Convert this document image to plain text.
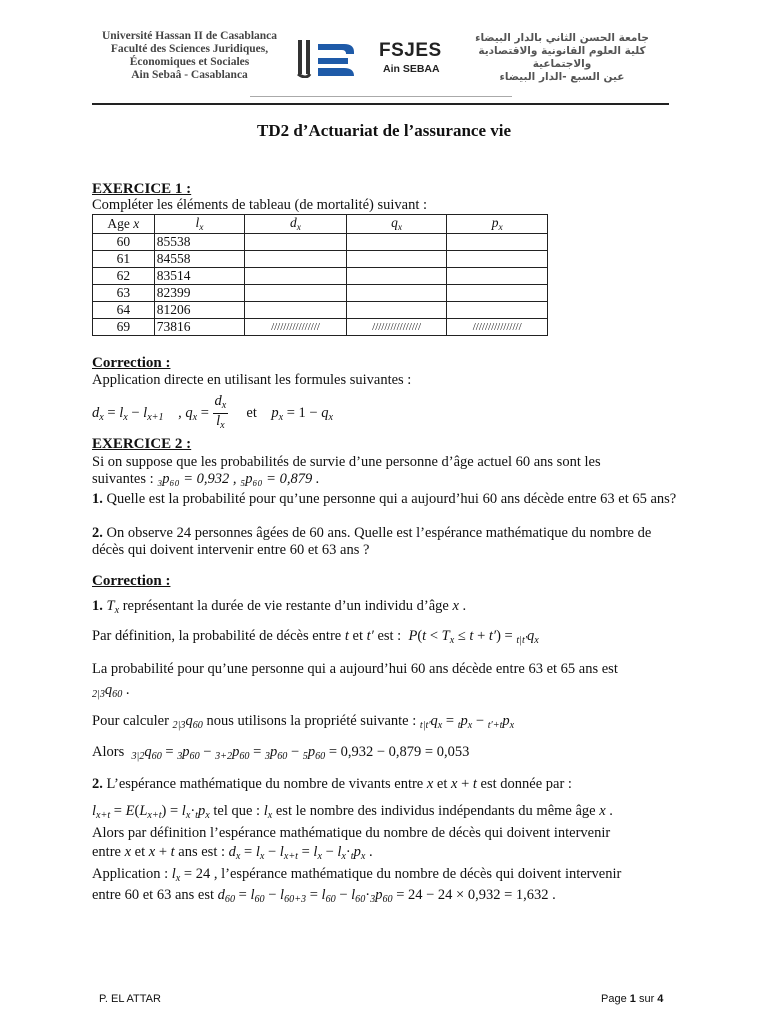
Université Hassan II de Casablanca
Faculté des Sciences Juridiques,
Économiques et Sociales
Ain Sebaâ - Casablanca
FSJES
Ain SEBAA
جامعة الحسن الثاني بالدار البيضاء
كلية العلوم القانونية والاقتصادية والاجتماعية
عين السبع -الدار البيضاء
TD2 d’Actuariat de l’assurance vie
EXERCICE 1 :
Compléter les éléments de tableau (de mortalité) suivant :
Age x	$l_x$	$d_x$	$q_x$	$p_x$
60	85538			
61	84558			
62	83514			
63	82399			
64	81206			
69	73816	////////////////	////////////////	////////////////
Correction :
Application directe en utilisant les formules suivantes :
$d_x = l_x - l_{x+1}$ , $q_x = \frac{d_x}{l_x}$ et $p_x = 1 - q_x$
EXERCICE 2 :
Si on suppose que les probabilités de survie d’une personne d’âge actuel 60 ans sont les
suivantes : ₃p₆₀ = 0,932 , ₅p₆₀ = 0,879 .
1. Quelle est la probabilité pour qu’une personne qui a aujourd’hui 60 ans décède entre 63 et 65 ans?
2. On observe 24 personnes âgées de 60 ans. Quelle est l’espérance mathématique du nombre de décès qui doivent intervenir entre 60 et 63 ans ?
Correction :
1. $T_x$ représentant la durée de vie restante d’un individu d’âge x .
Par définition, la probabilité de décès entre t et t′ est : $P(t < T_x \le t + t') = _{t|t'}q_x$
La probabilité pour qu’une personne qui a aujourd’hui 60 ans décède entre 63 et 65 ans est
$_{2|3}q_{60}$ .
Pour calculer $_{2|3}q_{60}$ nous utilisons la propriété suivante : $_{t|t'}q_x = _tp_x - _{t'+t}p_x$
Alors $_{3|2}q_{60} = _3p_{60} - _{3+2}p_{60} = _3p_{60} - _5p_{60} = 0,932 - 0,879 = 0,053$
2. L’espérance mathématique du nombre de vivants entre x et x + t est donnée par :
$l_{x+t} = E(L_{x+t}) = l_x\cdot_tp_x$ tel que : $l_x$ est le nombre des individus indépendants du même âge x .
Alors par définition l’espérance mathématique du nombre de décès qui doivent intervenir
entre x et x + t ans est : $d_x = l_x - l_{x+t} = l_x - l_x\cdot_tp_x$ .
Application : $l_x = 24$ , l’espérance mathématique du nombre de décès qui doivent intervenir
entre 60 et 63 ans est $d_{60} = l_{60} - l_{60+3} = l_{60} - l_{60}\cdot_3p_{60} = 24 - 24 \times 0,932 = 1,632$ .
P. EL ATTAR	Page 1 sur 4
